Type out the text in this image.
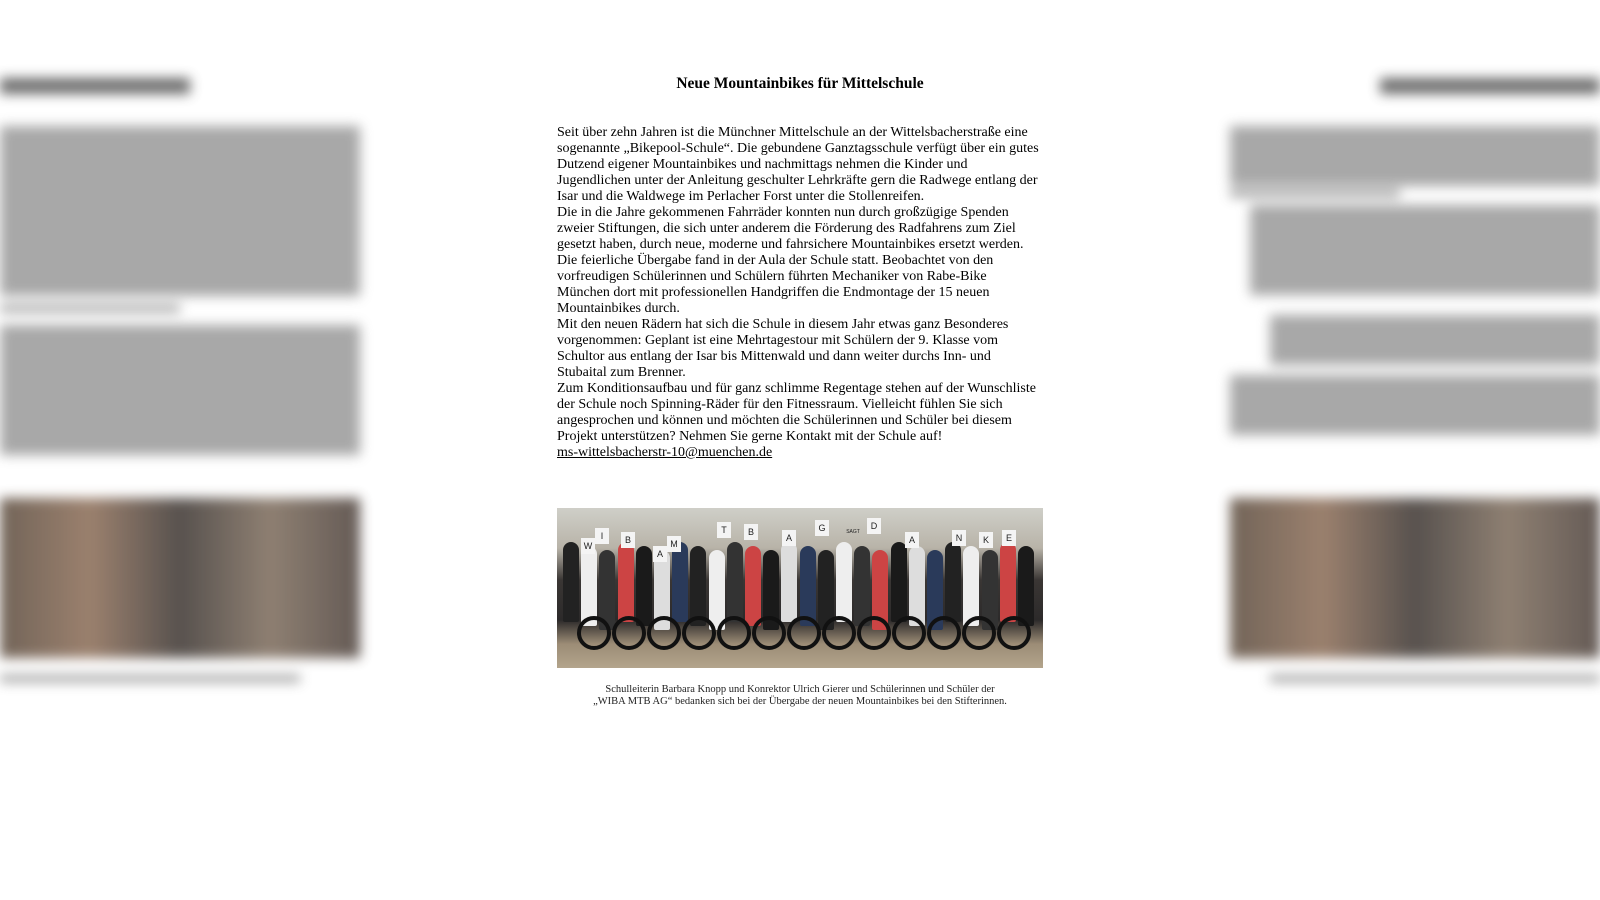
Neue Mountainbikes für Mittelschule
Seit über zehn Jahren ist die Münchner Mittelschule an der Wittelsbacherstraße eine
sogenannte „Bikepool-Schule“. Die gebundene Ganztagsschule verfügt über ein gutes
Dutzend eigener Mountainbikes und nachmittags nehmen die Kinder und
Jugendlichen unter der Anleitung geschulter Lehrkräfte gern die Radwege entlang der
Isar und die Waldwege im Perlacher Forst unter die Stollenreifen.
Die in die Jahre gekommenen Fahrräder konnten nun durch großzügige Spenden
zweier Stiftungen, die sich unter anderem die Förderung des Radfahrens zum Ziel
gesetzt haben, durch neue, moderne und fahrsichere Mountainbikes ersetzt werden.
Die feierliche Übergabe fand in der Aula der Schule statt. Beobachtet von den
vorfreudigen Schülerinnen und Schülern führten Mechaniker von Rabe-Bike
München dort mit professionellen Handgriffen die Endmontage der 15 neuen
Mountainbikes durch.
Mit den neuen Rädern hat sich die Schule in diesem Jahr etwas ganz Besonderes
vorgenommen: Geplant ist eine Mehrtagestour mit Schülern der 9. Klasse vom
Schultor aus entlang der Isar bis Mittenwald und dann weiter durchs Inn- und
Stubaital zum Brenner.
Zum Konditionsaufbau und für ganz schlimme Regentage stehen auf der Wunschliste
der Schule noch Spinning-Räder für den Fitnessraum. Vielleicht fühlen Sie sich
angesprochen und können und möchten die Schülerinnen und Schüler bei diesem
Projekt unterstützen? Nehmen Sie gerne Kontakt mit der Schule auf!
ms-wittelsbacherstr-10@muenchen.de
W
I	B
A
M
T	B
A
G	SAGT
D
A	N	K	E
Schulleiterin Barbara Knopp und Konrektor Ulrich Gierer und Schülerinnen und Schüler der
„WIBA MTB AG“ bedanken sich bei der Übergabe der neuen Mountainbikes bei den Stifterinnen.
